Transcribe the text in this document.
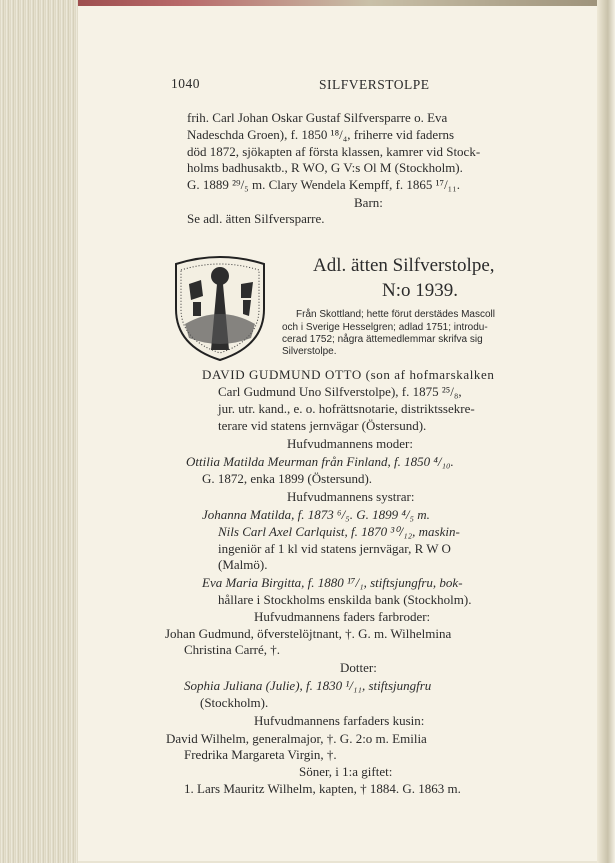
1040	SILFVERSTOLPE
frih. Carl Johan Oskar Gustaf Silfversparre o. Eva
Nadeschda Groen), f. 1850 ¹⁸/₄, friherre vid faderns
död 1872, sjökapten af första klassen, kamrer vid Stock-
holms badhusaktb., R WO, G V:s Ol M (Stockholm).
G. 1889 ²⁹/₅ m. Clary Wendela Kempff, f. 1865 ¹⁷/₁₁.
Barn:
Se adl. ätten Silfversparre.
Adl. ätten Silfverstolpe,
N:o 1939.
Från Skottland; hette förut derstädes Mascoll
och i Sverige Hesselgren; adlad 1751; introdu-
cerad 1752; några ättemedlemmar skrifva sig
Silverstolpe.
DAVID GUDMUND OTTO (son af hofmarskalken
Carl Gudmund Uno Silfverstolpe), f. 1875 ²⁵/₈,
jur. utr. kand., e. o. hofrättsnotarie, distriktssekre-
terare vid statens jernvägar (Östersund).
Hufvudmannens moder:
Ottilia Matilda Meurman från Finland, f. 1850 ⁴/₁₀.
G. 1872, enka 1899 (Östersund).
Hufvudmannens systrar:
Johanna Matilda, f. 1873 ⁶/₅. G. 1899 ⁴/₅ m.
Nils Carl Axel Carlquist, f. 1870 ³⁰/₁₂, maskin-
ingeniör af 1 kl vid statens jernvägar, R W O
(Malmö).
Eva Maria Birgitta, f. 1880 ¹⁷/₁, stiftsjungfru, bok-
hållare i Stockholms enskilda bank (Stockholm).
Hufvudmannens faders farbroder:
Johan Gudmund, öfverstelöjtnant, †. G. m. Wilhelmina
Christina Carré, †.
Dotter:
Sophia Juliana (Julie), f. 1830 ¹/₁₁, stiftsjungfru
(Stockholm).
Hufvudmannens farfaders kusin:
David Wilhelm, generalmajor, †. G. 2:o m. Emilia
Fredrika Margareta Virgin, †.
Söner, i 1:a giftet:
1. Lars Mauritz Wilhelm, kapten, † 1884. G. 1863 m.
